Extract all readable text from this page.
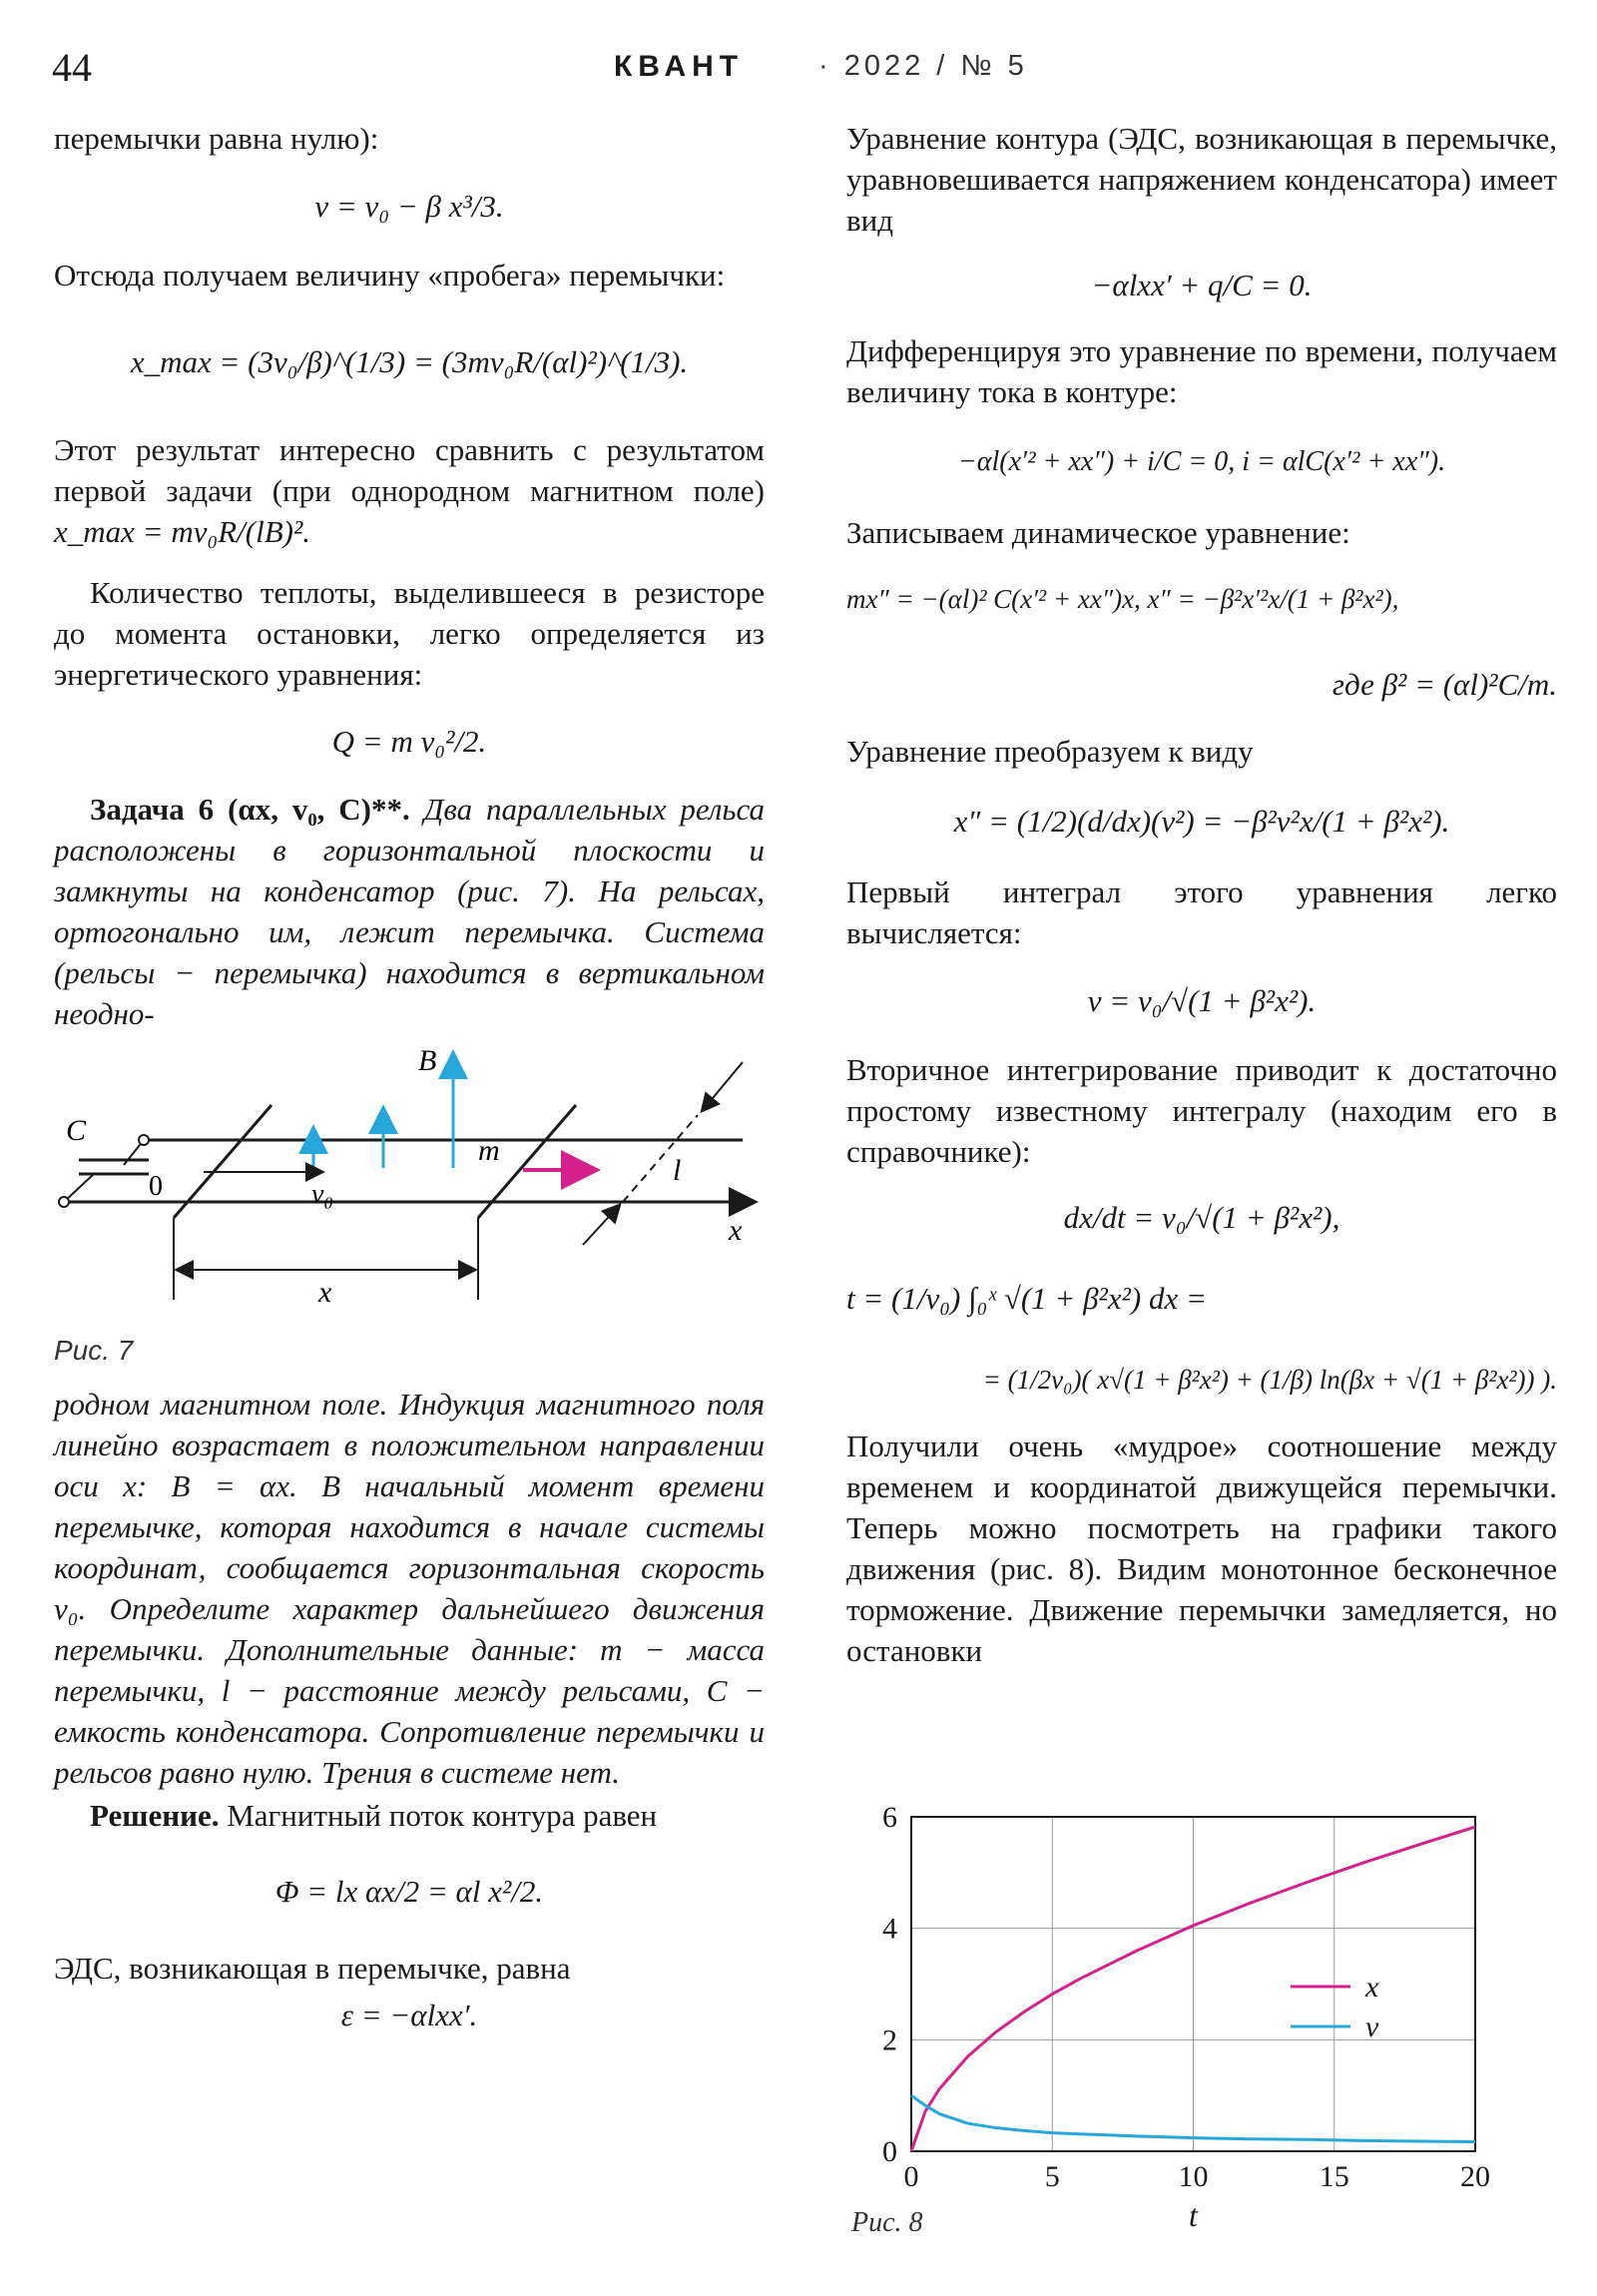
44	КВАНТ	· 2022 / № 5

перемычки равна нулю):

v = v₀ − β x³/3.

Отсюда получаем величину «пробега» перемычки:

x_max = (3v₀/β)^(1/3) = (3mv₀R/(αl)²)^(1/3).

Этот результат интересно сравнить с результатом первой задачи (при однородном магнитном поле) x_max = mv₀R/(lB)².

Количество теплоты, выделившееся в резисторе до момента остановки, легко определяется из энергетического уравнения:

Q = m v₀²/2.

Задача 6 (αx, v₀, C)**. Два параллельных рельса расположены в горизонтальной плоскости и замкнуты на конденсатор (рис. 7). На рельсах, ортогонально им, лежит перемычка. Система (рельсы − перемычка) находится в вертикальном неодно-

B
C
m
l
x
x
0	v₀
Рис. 7

родном магнитном поле. Индукция магнитного поля линейно возрастает в положительном направлении оси x: B = αx. В начальный момент времени перемычке, которая находится в начале системы координат, сообщается горизонтальная скорость v₀. Определите характер дальнейшего движения перемычки. Дополнительные данные: m − масса перемычки, l − расстояние между рельсами, C − емкость конденсатора. Сопротивление перемычки и рельсов равно нулю. Трения в системе нет.

Решение. Магнитный поток контура равен

Φ = lx αx/2 = αl x²/2.

ЭДС, возникающая в перемычке, равна

ε = −αlxx′.

Уравнение контура (ЭДС, возникающая в перемычке, уравновешивается напряжением конденсатора) имеет вид

−αlxx′ + q/C = 0.

Дифференцируя это уравнение по времени, получаем величину тока в контуре:

−αl(x′² + xx″) + i/C = 0, i = αlC(x′² + xx″).

Записываем динамическое уравнение:

mx″ = −(αl)² C(x′² + xx″)x, x″ = −β²x′²x/(1 + β²x²),
где β² = (αl)²C/m.

Уравнение преобразуем к виду

x″ = (1/2)(d/dx)(v²) = −β²v²x/(1 + β²x²).

Первый интеграл этого уравнения легко вычисляется:

v = v₀/√(1 + β²x²).

Вторичное интегрирование приводит к достаточно простому известному интегралу (находим его в справочнике):

dx/dt = v₀/√(1 + β²x²),
t = (1/v₀) ∫₀ˣ √(1 + β²x²) dx =
= (1/2v₀)( x√(1 + β²x²) + (1/β) ln(βx + √(1 + β²x²)) ).

Получили очень «мудрое» соотношение между временем и координатой движущейся перемычки. Теперь можно посмотреть на графики такого движения (рис. 8). Видим монотонное бесконечное торможение. Движение перемычки замедляется, но остановки

0	5	10	15	20
0
2
4
6
t
x
v
Рис. 8
